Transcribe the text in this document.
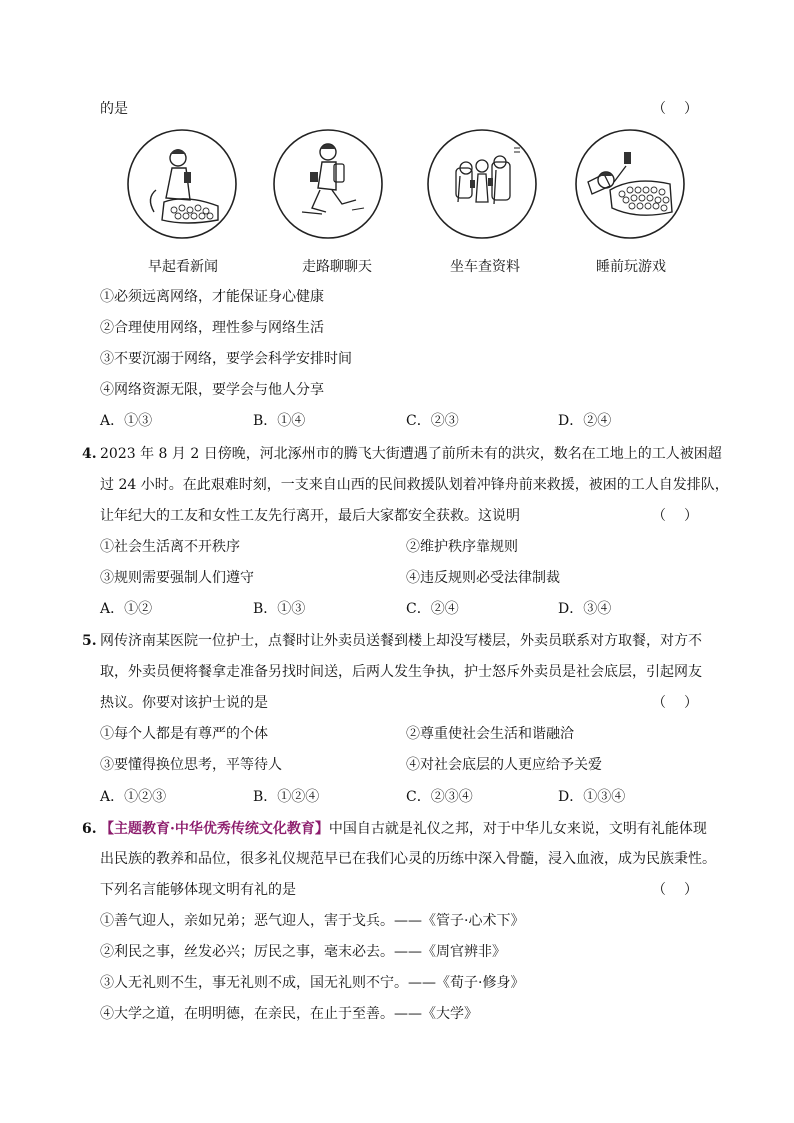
的是	（ ）
早起看新闻	走路聊聊天	坐车查资料	睡前玩游戏
①必须远离网络，才能保证身心健康
②合理使用网络，理性参与网络生活
③不要沉溺于网络，要学会科学安排时间
④网络资源无限，要学会与他人分享
A．①③	B．①④	C．②③	D．②④
4. 2023 年 8 月 2 日傍晚，河北涿州市的腾飞大街遭遇了前所未有的洪灾，数名在工地上的工人被困超
过 24 小时。在此艰难时刻，一支来自山西的民间救援队划着冲锋舟前来救援，被困的工人自发排队，
让年纪大的工友和女性工友先行离开，最后大家都安全获救。这说明	（ ）
①社会生活离不开秩序	②维护秩序靠规则
③规则需要强制人们遵守	④违反规则必受法律制裁
A．①②	B．①③	C．②④	D．③④
5. 网传济南某医院一位护士，点餐时让外卖员送餐到楼上却没写楼层，外卖员联系对方取餐，对方不
取，外卖员便将餐拿走准备另找时间送，后两人发生争执，护士怒斥外卖员是社会底层，引起网友
热议。你要对该护士说的是	（ ）
①每个人都是有尊严的个体	②尊重使社会生活和谐融洽
③要懂得换位思考，平等待人	④对社会底层的人更应给予关爱
A．①②③	B．①②④	C．②③④	D．①③④
6. 【主题教育·中华优秀传统文化教育】中国自古就是礼仪之邦，对于中华儿女来说，文明有礼能体现
出民族的教养和品位，很多礼仪规范早已在我们心灵的历练中深入骨髓，浸入血液，成为民族秉性。
下列名言能够体现文明有礼的是	（ ）
①善气迎人，亲如兄弟；恶气迎人，害于戈兵。——《管子·心术下》
②利民之事，丝发必兴；厉民之事，毫末必去。——《周官辨非》
③人无礼则不生，事无礼则不成，国无礼则不宁。——《荀子·修身》
④大学之道，在明明德，在亲民，在止于至善。——《大学》
